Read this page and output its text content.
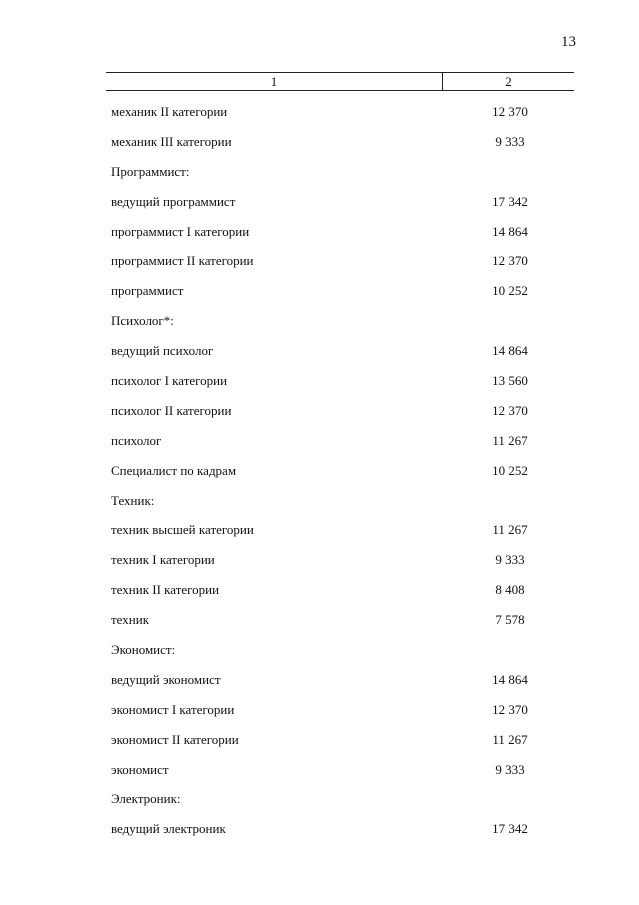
13
1	2
механик II категории	12 370
механик III категории	9 333
Программист:
ведущий программист	17 342
программист I категории	14 864
программист II категории	12 370
программист	10 252
Психолог*:
ведущий психолог	14 864
психолог I категории	13 560
психолог II категории	12 370
психолог	11 267
Специалист по кадрам	10 252
Техник:
техник высшей категории	11 267
техник I категории	9 333
техник II категории	8 408
техник	7 578
Экономист:
ведущий экономист	14 864
экономист I категории	12 370
экономист II категории	11 267
экономист	9 333
Электроник:
ведущий электроник	17 342
